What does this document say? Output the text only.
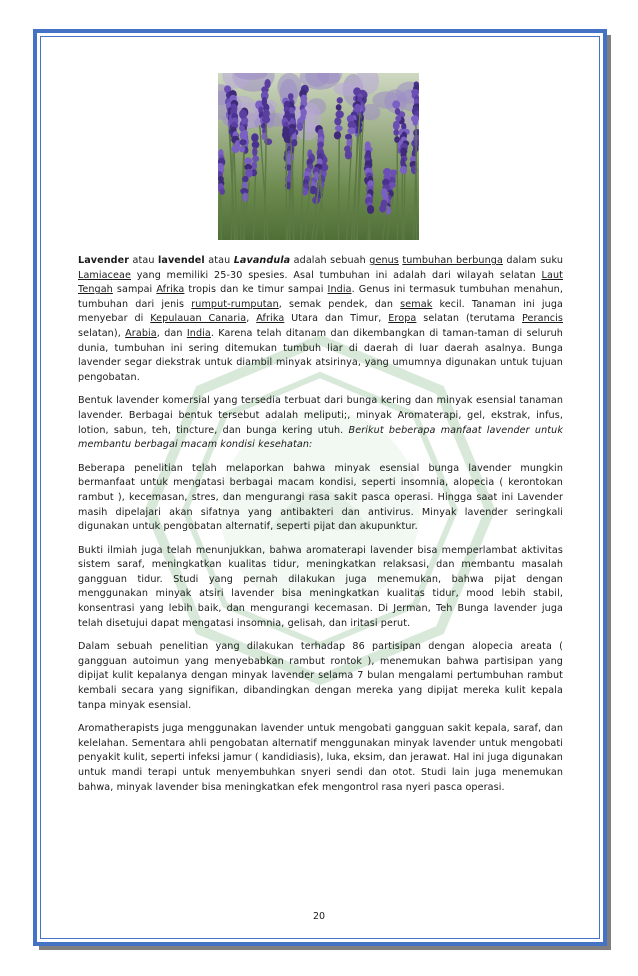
Lavender atau lavendel atau Lavandula adalah sebuah genus tumbuhan berbunga dalam suku Lamiaceae yang memiliki 25-30 spesies. Asal tumbuhan ini adalah dari wilayah selatan Laut Tengah sampai Afrika tropis dan ke timur sampai India. Genus ini termasuk tumbuhan menahun, tumbuhan dari jenis rumput-rumputan, semak pendek, dan semak kecil. Tanaman ini juga menyebar di Kepulauan Canaria, Afrika Utara dan Timur, Eropa selatan (terutama Perancis selatan), Arabia, dan India. Karena telah ditanam dan dikembangkan di taman-taman di seluruh dunia, tumbuhan ini sering ditemukan tumbuh liar di daerah di luar daerah asalnya. Bunga lavender segar diekstrak untuk diambil minyak atsirinya, yang umumnya digunakan untuk tujuan pengobatan.

Bentuk lavender komersial yang tersedia terbuat dari bunga kering dan minyak esensial tanaman lavender. Berbagai bentuk tersebut adalah meliputi;, minyak Aromaterapi, gel, ekstrak, infus, lotion, sabun, teh, tincture, dan bunga kering utuh. Berikut beberapa manfaat lavender untuk membantu berbagai macam kondisi kesehatan:

Beberapa penelitian telah melaporkan bahwa minyak esensial bunga lavender mungkin bermanfaat untuk mengatasi berbagai macam kondisi, seperti insomnia, alopecia ( kerontokan rambut ), kecemasan, stres, dan mengurangi rasa sakit pasca operasi. Hingga saat ini Lavender masih dipelajari akan sifatnya yang antibakteri dan antivirus. Minyak lavender seringkali digunakan untuk pengobatan alternatif, seperti pijat dan akupunktur.

Bukti ilmiah juga telah menunjukkan, bahwa aromaterapi lavender bisa memperlambat aktivitas sistem saraf, meningkatkan kualitas tidur, meningkatkan relaksasi, dan membantu masalah gangguan tidur. Studi yang pernah dilakukan juga menemukan, bahwa pijat dengan menggunakan minyak atsiri lavender bisa meningkatkan kualitas tidur, mood lebih stabil, konsentrasi yang lebih baik, dan mengurangi kecemasan. Di Jerman, Teh Bunga lavender juga telah disetujui dapat mengatasi insomnia, gelisah, dan iritasi perut.

Dalam sebuah penelitian yang dilakukan terhadap 86 partisipan dengan alopecia areata ( gangguan autoimun yang menyebabkan rambut rontok ), menemukan bahwa partisipan yang dipijat kulit kepalanya dengan minyak lavender selama 7 bulan mengalami pertumbuhan rambut kembali secara yang signifikan, dibandingkan dengan mereka yang dipijat mereka kulit kepala tanpa minyak esensial.

Aromatherapists juga menggunakan lavender untuk mengobati gangguan sakit kepala, saraf, dan kelelahan. Sementara ahli pengobatan alternatif menggunakan minyak lavender untuk mengobati penyakit kulit, seperti infeksi jamur ( kandidiasis), luka, eksim, dan jerawat. Hal ini juga digunakan untuk mandi terapi untuk menyembuhkan snyeri sendi dan otot. Studi lain juga menemukan bahwa, minyak lavender bisa meningkatkan efek mengontrol rasa nyeri pasca operasi.

20
